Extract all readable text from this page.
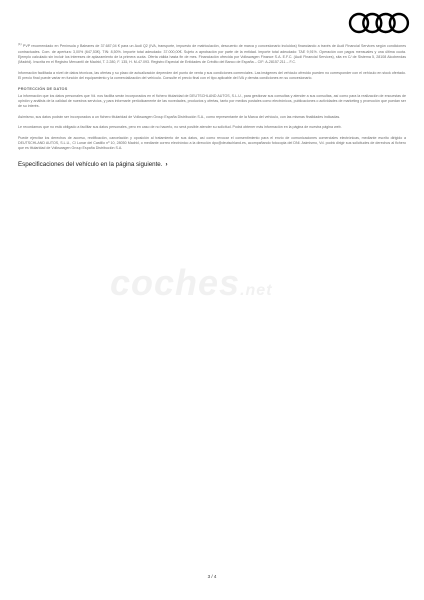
coches.net

$^{(1)}$ PVP recomendado en Península y Baleares de 37.687,04 € para un Audi Q2 (IVA, transporte, impuesto de matriculación, descuento de marca y concesionario incluidos) financiando a través de Audi Financial Services según condiciones contractuales. Com. de apertura: 3,00% (647,53€). TIN: 8,50%. Importe total adeudado: 37.000,00€. Sujeto a aprobación por parte de la entidad. Importe total adeudado: TAE 9,91%. Operación con pagos mensuales y una última cuota. Ejemplo calculado sin incluir los intereses de aplazamiento de la primera cuota. Oferta válida hasta fin de mes. Financiación ofrecida por Volkswagen Finance S.A. E.F.C. (Audi Financial Services), sita en C/ de Sistema 5, 28108 Alcobendas (Madrid). Inscrita en el Registro Mercantil de Madrid, T. 2.280, F. 135, H. M-47.093. Registro Especial de Entidades de Crédito del Banco de España – CIF: A-28157.211 – F.C.

Información facilitada a nivel de datos técnicos, las ofertas y su plazo de actualización dependen del punto de venta y sus condiciones comerciales. Las imágenes del vehículo ofrecido pueden no corresponder con el vehículo en stock ofertado. El precio final puede variar en función del equipamiento y la comercialización del vehículo. Consulte el precio final con el tipo aplicable del IVA y demás condiciones en su concesionario.

PROTECCIÓN DE DATOS

La información que los datos personales que Vd. nos facilita serán incorporados en el fichero titularidad de DEUTSCHLAND AUTOS, S.L.U., para gestionar sus consultas y atender a sus consultas, así como para la realización de encuestas de opinión y análisis de la calidad de nuestros servicios, y para informarle periódicamente de las novedades, productos y ofertas, tanto por medios postales como electrónicos, publicaciones o actividades de marketing y promoción que puedan ser de su interés.

Asimismo, sus datos podrán ser incorporados a un fichero titularidad de Volkswagen Group España Distribución S.A., como representante de la Marca del vehículo, con las mismas finalidades indicadas.

Le recordamos que no está obligado a facilitar sus datos personales, pero en caso de no hacerlo, no será posible atender su solicitud. Podrá obtener más información en la página de nuestra página web.

Puede ejercitar los derechos de acceso, rectificación, cancelación y oposición al tratamiento de sus datos, así como revocar el consentimiento para el envío de comunicaciones comerciales electrónicas, mediante escrito dirigido a DEUTSCHLAND AUTOS, S.L.U., C/ Lunar del Castillo nº 10, 28050 Madrid, o mediante correo electrónico a la dirección dpo@deutschland.es, acompañando fotocopia del DNI. Asimismo, Vd. podrá dirigir sus solicitudes de derechos al fichero que es titularidad de Volkswagen Group España Distribución S.A.

Especificaciones del vehículo en la página siguiente. ›
3 / 4
